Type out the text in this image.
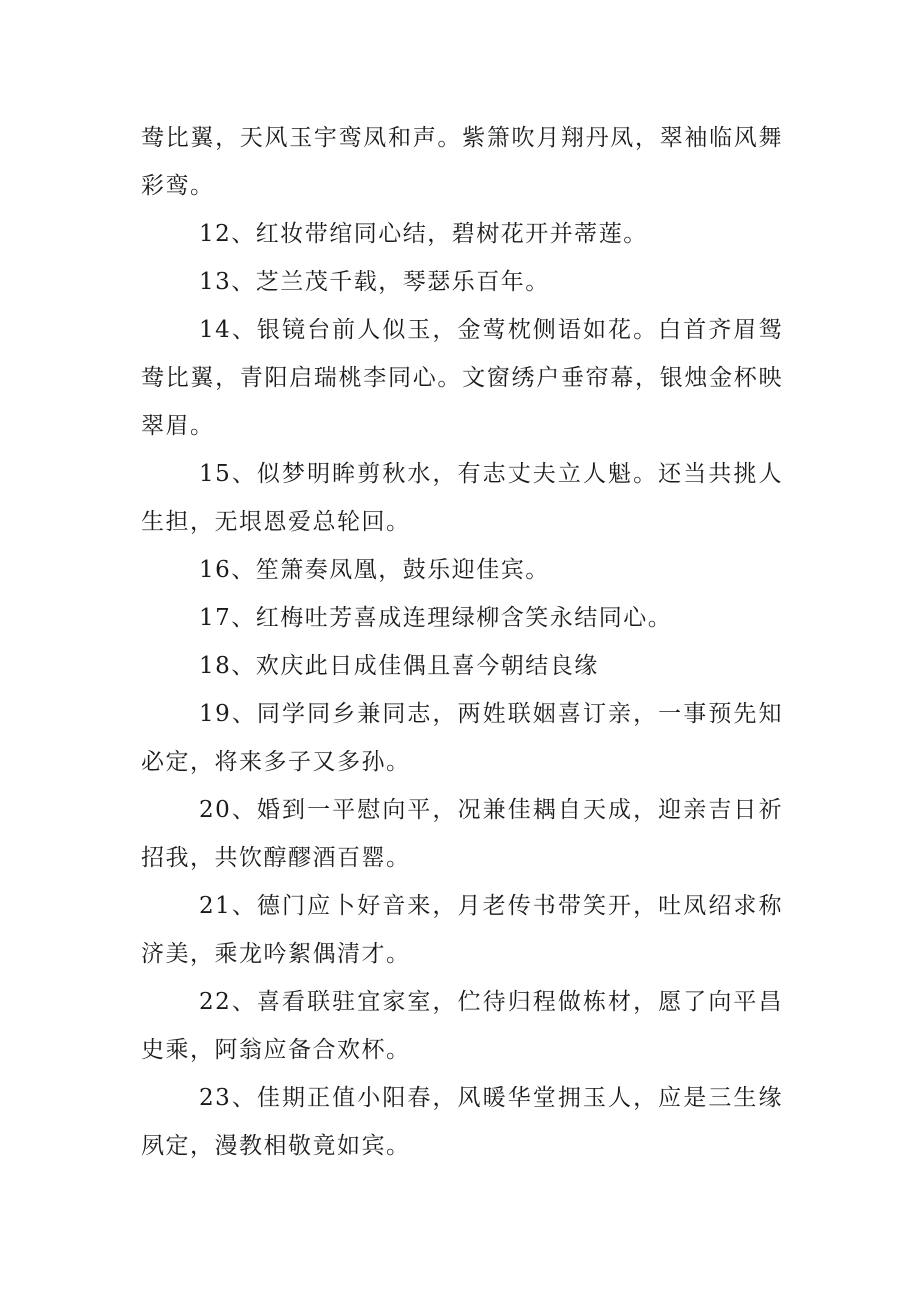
鸯比翼，天风玉宇鸾凤和声。紫箫吹月翔丹凤，翠袖临风舞彩鸾。

12、红妆带绾同心结，碧树花开并蒂莲。

13、芝兰茂千载，琴瑟乐百年。

14、银镜台前人似玉，金莺枕侧语如花。白首齐眉鸳鸯比翼，青阳启瑞桃李同心。文窗绣户垂帘幕，银烛金杯映翠眉。

15、似梦明眸剪秋水，有志丈夫立人魁。还当共挑人生担，无垠恩爱总轮回。

16、笙箫奏凤凰，鼓乐迎佳宾。

17、红梅吐芳喜成连理绿柳含笑永结同心。

18、欢庆此日成佳偶且喜今朝结良缘

19、同学同乡兼同志，两姓联姻喜订亲，一事预先知必定，将来多子又多孙。

20、婚到一平慰向平，况兼佳耦自天成，迎亲吉日祈招我，共饮醇醪酒百罂。

21、德门应卜好音来，月老传书带笑开，吐凤绍求称济美，乘龙吟絮偶清才。

22、喜看联驻宜家室，伫待归程做栋材，愿了向平昌史乘，阿翁应备合欢杯。

23、佳期正值小阳春，风暖华堂拥玉人，应是三生缘夙定，漫教相敬竟如宾。
